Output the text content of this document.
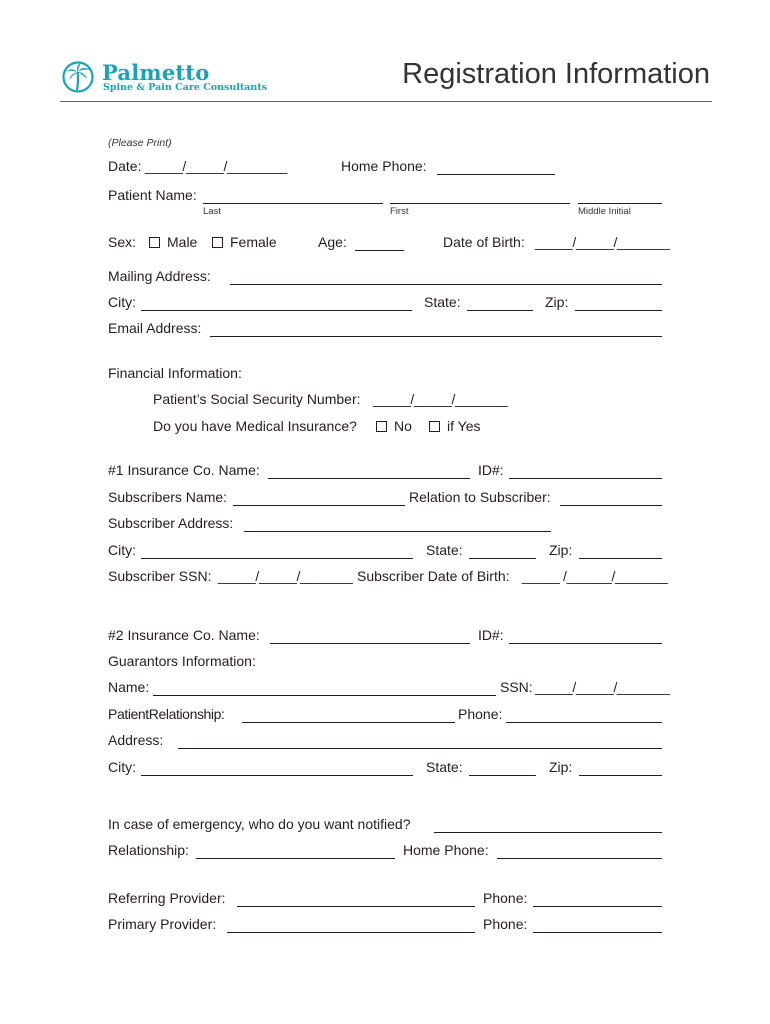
Palmetto
Spine & Pain Care Consultants	Registration Information
(Please Print)
Date: _____/_____/________	Home Phone:
Patient Name:
Last	First	Middle Initial
Sex: Male Female	Age:	Date of Birth: _____/_____/_______
Mailing Address:
City:	State:	Zip:
Email Address:
Financial Information:
Patient’s Social Security Number: _____/_____/_______
Do you have Medical Insurance?	No	if Yes
#1 Insurance Co. Name:	ID#:
Subscribers Name:	Relation to Subscriber:
Subscriber Address:
City:	State:	Zip:
Subscriber SSN: _____/_____/_______ Subscriber Date of Birth: _____ /______/_______
#2 Insurance Co. Name:	ID#:
Guarantors Information:
Name:	SSN: _____/_____/_______
PatientRelationship:	Phone:
Address:
City:	State:	Zip:
In case of emergency, who do you want notified?
Relationship:	Home Phone:
Referring Provider:	Phone:
Primary Provider:	Phone:
